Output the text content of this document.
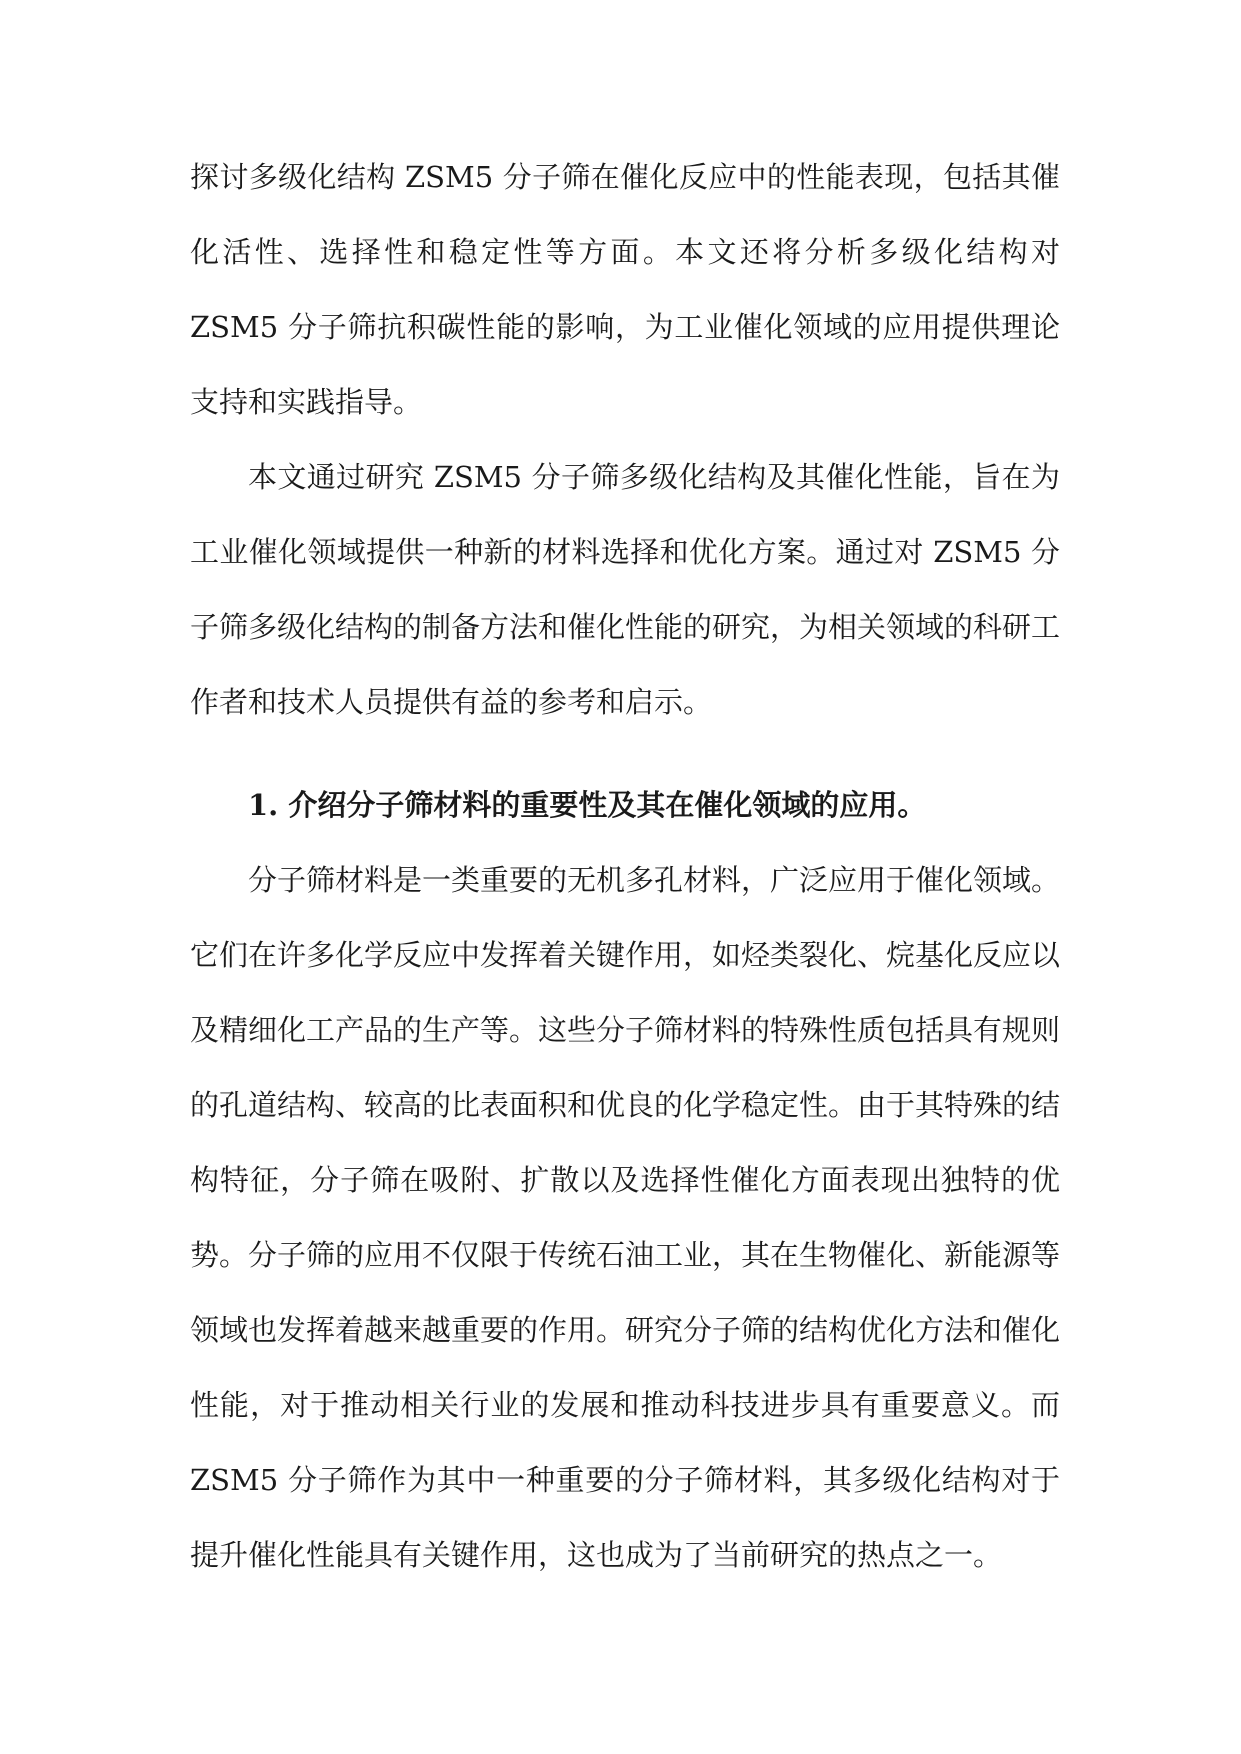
探讨多级化结构 ZSM5 分子筛在催化反应中的性能表现，包括其催化活性、选择性和稳定性等方面。本文还将分析多级化结构对 ZSM5 分子筛抗积碳性能的影响，为工业催化领域的应用提供理论支持和实践指导。

本文通过研究 ZSM5 分子筛多级化结构及其催化性能，旨在为工业催化领域提供一种新的材料选择和优化方案。通过对 ZSM5 分子筛多级化结构的制备方法和催化性能的研究，为相关领域的科研工作者和技术人员提供有益的参考和启示。

1. 介绍分子筛材料的重要性及其在催化领域的应用。

分子筛材料是一类重要的无机多孔材料，广泛应用于催化领域。它们在许多化学反应中发挥着关键作用，如烃类裂化、烷基化反应以及精细化工产品的生产等。这些分子筛材料的特殊性质包括具有规则的孔道结构、较高的比表面积和优良的化学稳定性。由于其特殊的结构特征，分子筛在吸附、扩散以及选择性催化方面表现出独特的优势。分子筛的应用不仅限于传统石油工业，其在生物催化、新能源等领域也发挥着越来越重要的作用。研究分子筛的结构优化方法和催化性能，对于推动相关行业的发展和推动科技进步具有重要意义。而 ZSM5 分子筛作为其中一种重要的分子筛材料，其多级化结构对于提升催化性能具有关键作用，这也成为了当前研究的热点之一。
